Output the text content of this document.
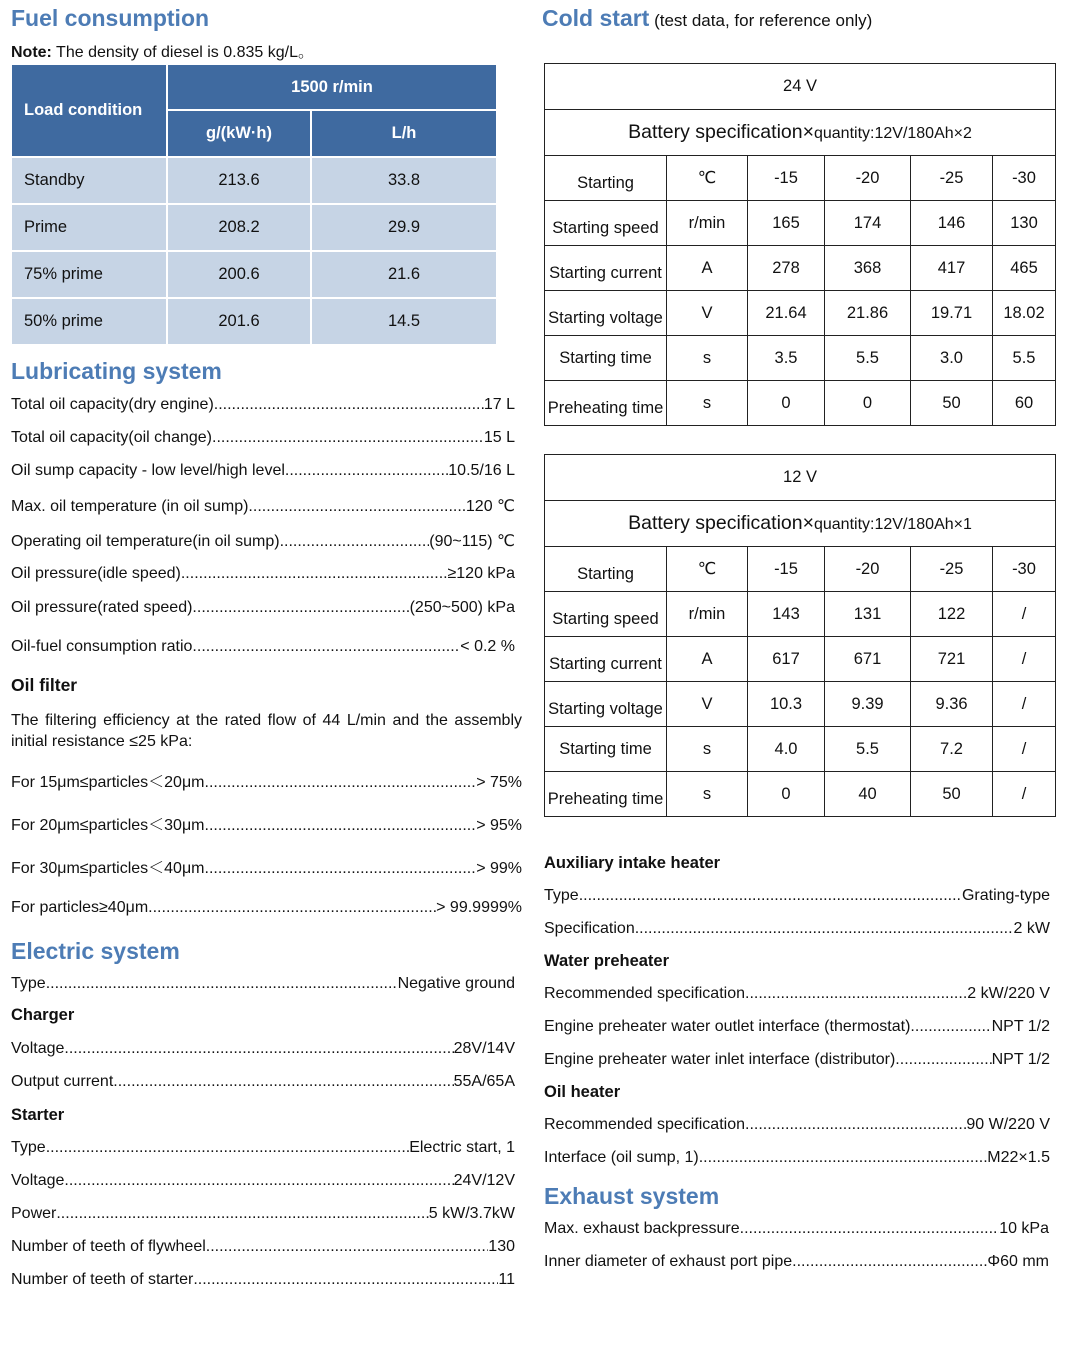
Fuel consumption
Note: The density of diesel is 0.835 kg/L。
Load condition	1500 r/min	
	g/(kW·h)	L/h
Standby	213.6	33.8
Prime	208.2	29.9
75% prime	200.6	21.6
50% prime	201.6	14.5
Lubricating system
Total oil capacity(dry engine) .....	17 L
Total oil capacity(oil change) .....	15 L
Oil sump capacity - low level/high level .....	10.5/16 L
Max. oil temperature (in oil sump) .....	120 ℃
Operating oil temperature(in oil sump) .....	(90~115) ℃
Oil pressure(idle speed) .....	≥120 kPa
Oil pressure(rated speed) .....	(250~500) kPa
Oil-fuel consumption ratio .....	< 0.2 %
Oil filter
The filtering efficiency at the rated flow of 44 L/min and the assembly initial resistance ≤25 kPa:
For 15μm≤particles＜20μm .....	> 75%
For 20μm≤particles＜30μm .....	> 95%
For 30μm≤particles＜40μm .....	> 99%
For particles≥40μm .....	> 99.9999%
Electric system
Type .....	Negative ground
Charger
Voltage .....	28V/14V
Output current .....	55A/65A
Starter
Type .....	Electric start, 1
Voltage .....	24V/12V
Power .....	5 kW/3.7kW
Number of teeth of flywheel .....	130
Number of teeth of starter .....	11
Cold start (test data, for reference only)
24 V					
Battery specification×quantity:12V/180Ah×2					

Starting	℃	-15	-20	-25	-30

Starting speed	r/min	165	174	146	130

Starting current	A	278	368	417	465

Starting voltage	V	21.64	21.86	19.71	18.02
Starting time	s	3.5	5.5	3.0	5.5

Preheating time	s	0	0	50	60
12 V					
Battery specification×quantity:12V/180Ah×1					

Starting	℃	-15	-20	-25	-30

Starting speed	r/min	143	131	122	/

Starting current	A	617	671	721	/

Starting voltage	V	10.3	9.39	9.36	/
Starting time	s	4.0	5.5	7.2	/

Preheating time	s	0	40	50	/
Auxiliary intake heater
Type .....	Grating-type
Specification .....	2 kW
Water preheater
Recommended specification. .....	2 kW/220 V
Engine preheater water outlet interface (thermostat) .....	NPT 1/2
Engine preheater water inlet interface (distributor) .....	NPT 1/2
Oil heater
Recommended specification. .....	90 W/220 V
Interface (oil sump, 1) .....	M22×1.5
Exhaust system
Max. exhaust backpressure .....	10 kPa
Inner diameter of exhaust port pipe .....	Φ60 mm
